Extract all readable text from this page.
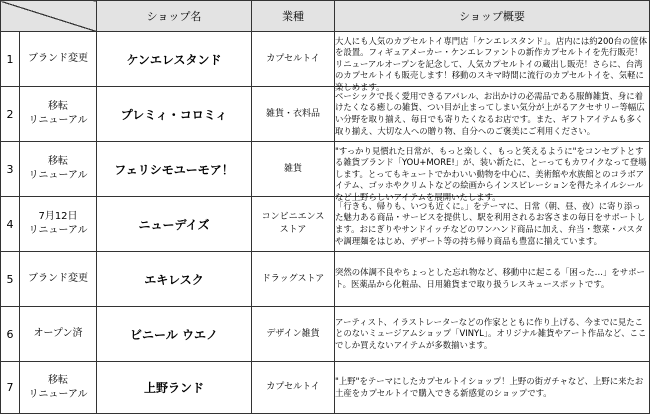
		ショップ名	業種	ショップ概要
1	ブランド変更	ケンエレスタンド	カプセルトイ	大人にも人気のカプセルトイ専門店「ケンエレスタンド」。店内には約200台の筐体を設置。フィギュアメーカー・ケンエレファントの新作カプセルトイを先行販売！リニューアルオープンを記念して、人気カプセルトイの蔵出し販売！さらに、台湾のカプセルトイも販売します！移動のスキマ時間に流行のカプセルトイを、気軽に楽しめます。

2	移転
リニューアル	プレミィ・コロミィ	雑貨・衣料品	ベーシックで長く愛用できるアパレル、お出かけの必需品である服飾雑貨、身に着けたくなる癒しの雑貨、つい目が止まってしまい気分が上がるアクセサリー等幅広い分野を取り揃え、毎日でも寄りたくなるお店です。また、ギフトアイテムも多く取り揃え、大切な人への贈り物、自分へのご褒美にご利用ください。

3	移転
リニューアル	フェリシモユーモア！	雑貨	"すっかり見慣れた日常が、もっと楽しく、もっと笑えるように"をコンセプトとする雑貨ブランド「YOU+MORE!」が、装い新たに、とーってもカワイクなって登場します。とってもキュートでかわいい動物を中心に、美術館や水族館とのコラボアイテム、ゴッホやクリムトなどの絵画からインスピレーションを得たネイルシールなど上野らしいアイテムを展開いたします。

4	7月12日
リニューアル	ニューデイズ	コンビニエンス
ストア	「行きも、帰りも、いつも近くに。」をテーマに、日常（朝、昼、夜）に寄り添った魅力ある商品・サービスを提供し、駅を利用されるお客さまの毎日をサポートします。おにぎりやサンドイッチなどのワンハンド商品に加え、弁当・惣菜・パスタや調理麺をはじめ、デザート等の持ち帰り商品も豊富に揃えています。

5	ブランド変更	エキレスク	ドラッグストア	突然の体調不良やちょっとした忘れ物など、移動中に起こる「困った…」をサポート。医薬品から化粧品、日用雑貨まで取り扱うレスキュースポットです。

6	オープン済	ビニール ウエノ	デザイン雑貨	アーティスト、イラストレーターなどの作家とともに作り上げる、今までに見たことのないミュージアムショップ「VINYL」。オリジナル雑貨やアート作品など、ここでしか買えないアイテムが多数揃います。

7	移転
リニューアル	上野ランド	カプセルトイ	"上野"をテーマにしたカプセルトイショップ！上野の街ガチャなど、上野に来たお土産をカプセルトイで購入できる新感覚のショップです。
